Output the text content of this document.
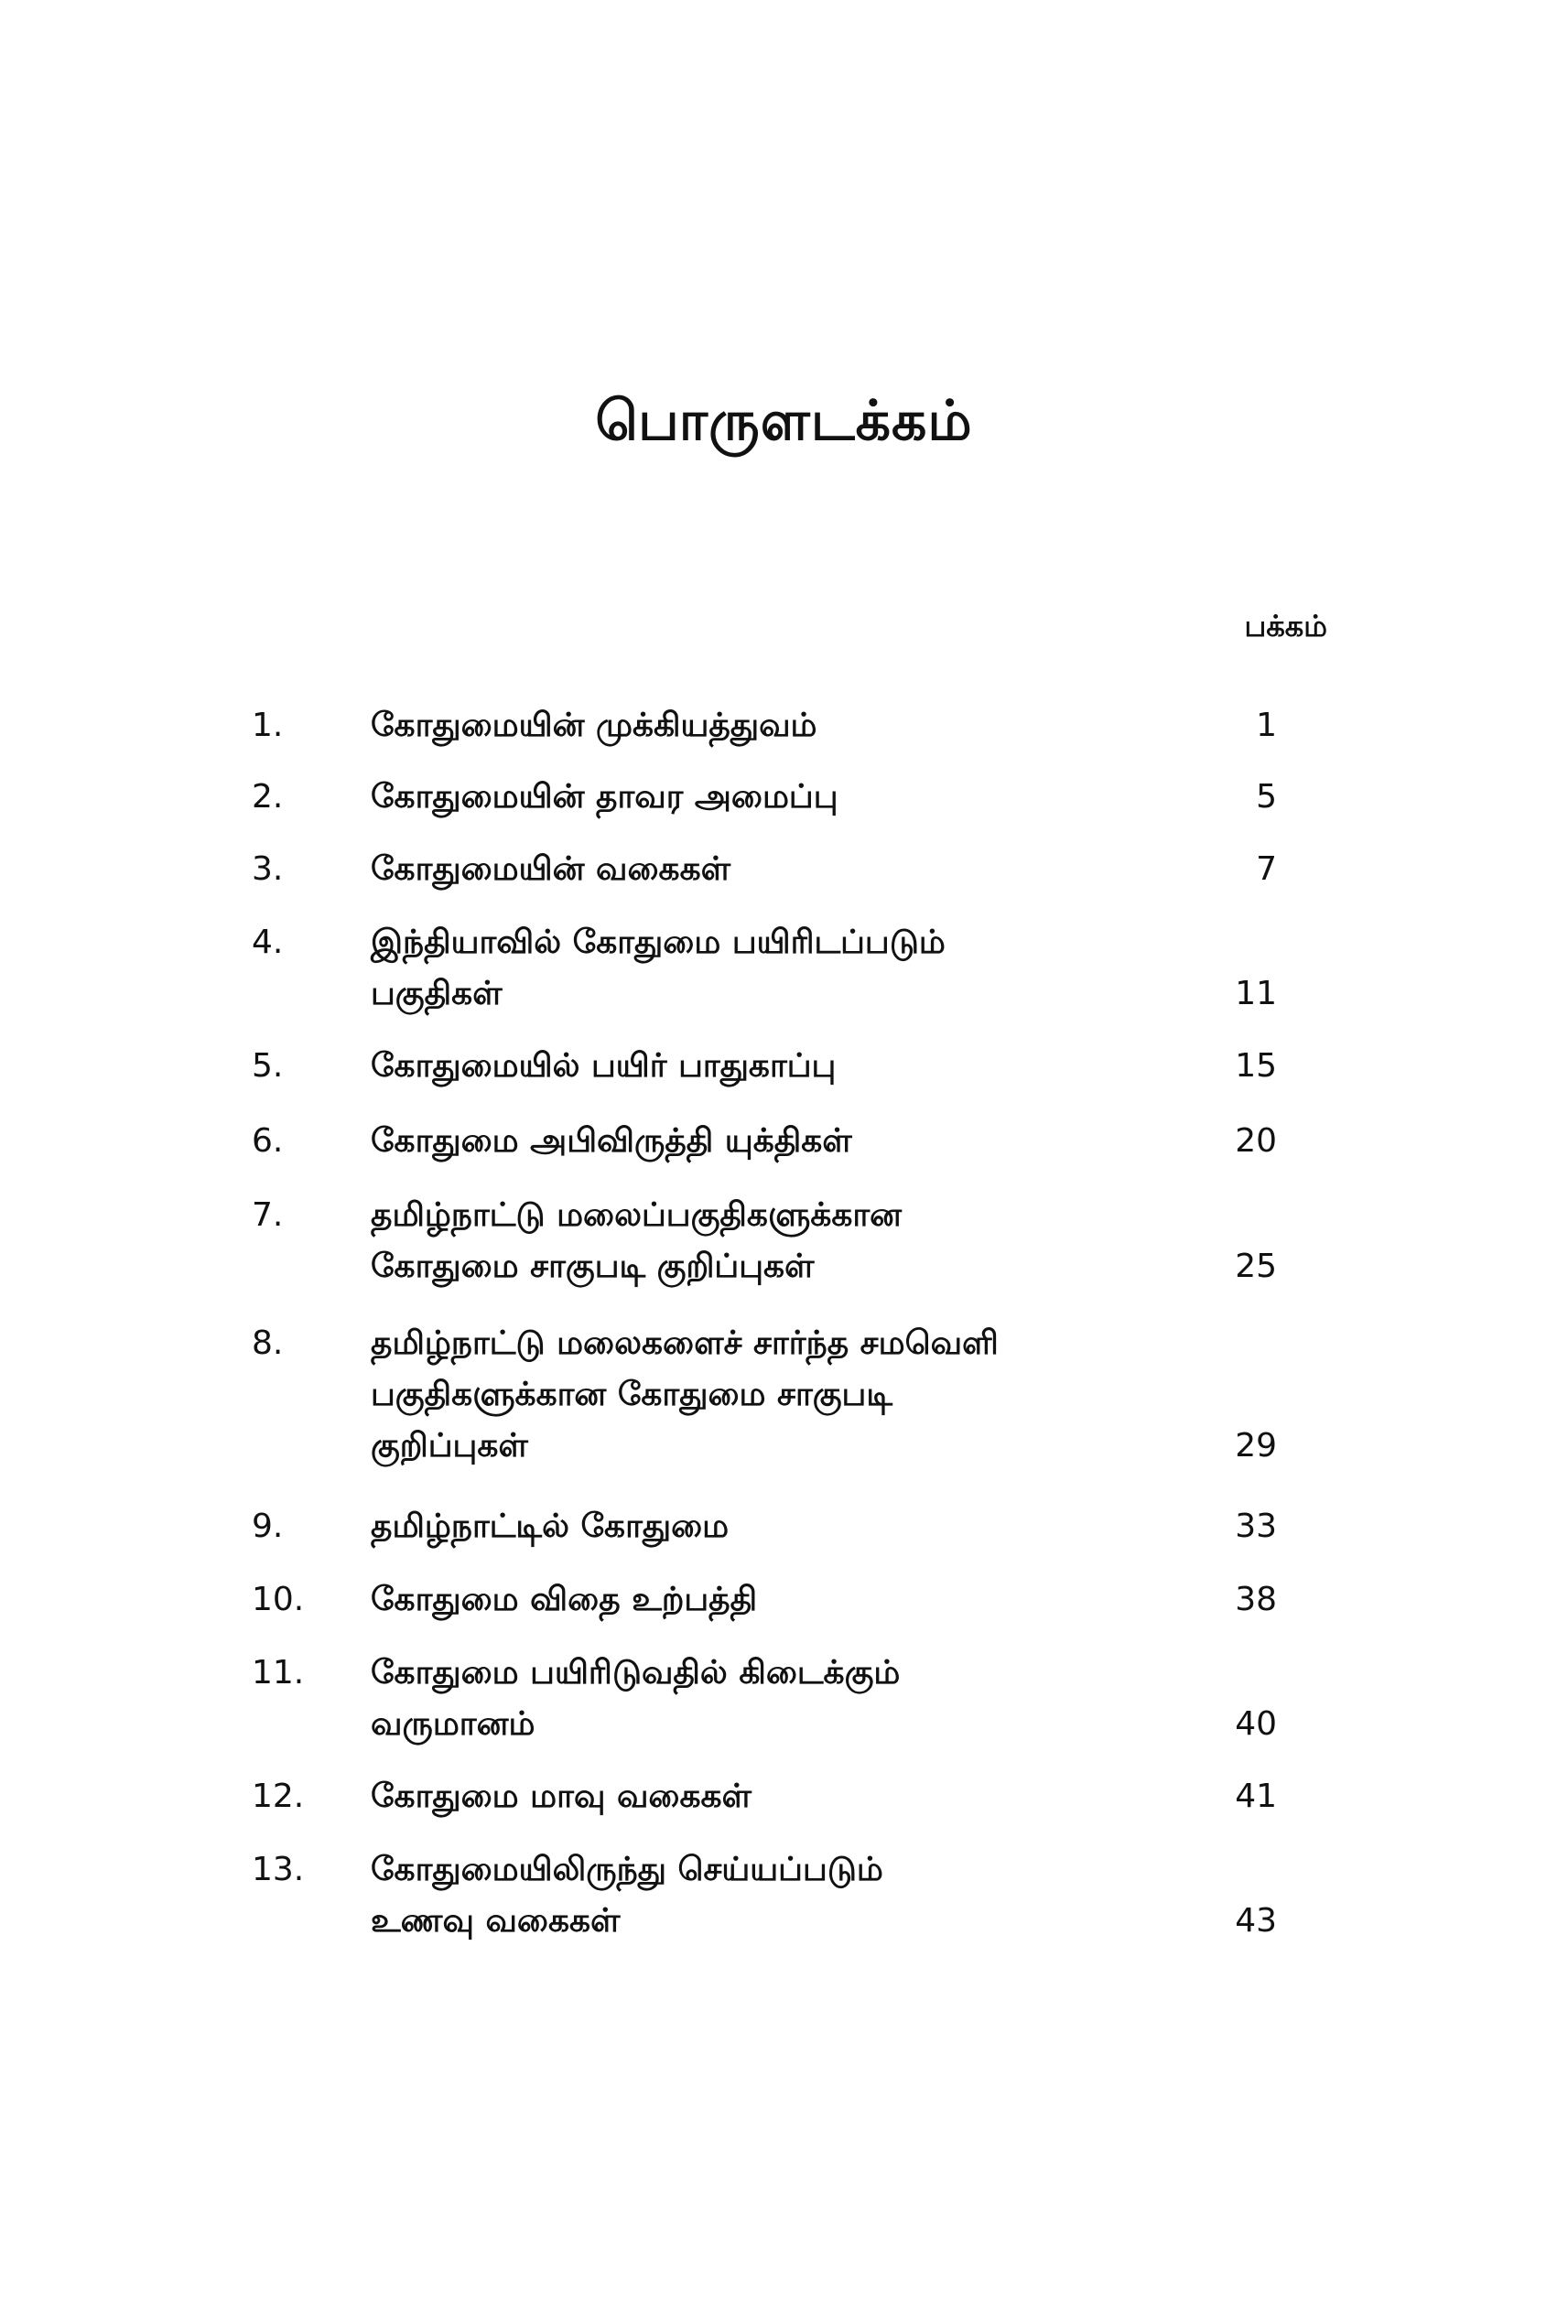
பொருளடக்கம்
பக்கம்
1.	கோதுமையின் முக்கியத்துவம்	1
2.	கோதுமையின் தாவர அமைப்பு	5
3.	கோதுமையின் வகைகள்	7
4.	இந்தியாவில் கோதுமை பயிரிடப்படும்
பகுதிகள்	11
5.	கோதுமையில் பயிர் பாதுகாப்பு	15
6.	கோதுமை அபிவிருத்தி யுக்திகள்	20
7.	தமிழ்நாட்டு மலைப்பகுதிகளுக்கான
கோதுமை சாகுபடி குறிப்புகள்	25
8.	தமிழ்நாட்டு மலைகளைச் சார்ந்த சமவெளி
பகுதிகளுக்கான கோதுமை சாகுபடி
குறிப்புகள்	29
9.	தமிழ்நாட்டில் கோதுமை	33
10.	கோதுமை விதை உற்பத்தி	38
11.	கோதுமை பயிரிடுவதில் கிடைக்கும்
வருமானம்	40
12.	கோதுமை மாவு வகைகள்	41
13.	கோதுமையிலிருந்து செய்யப்படும்
உணவு வகைகள்	43
